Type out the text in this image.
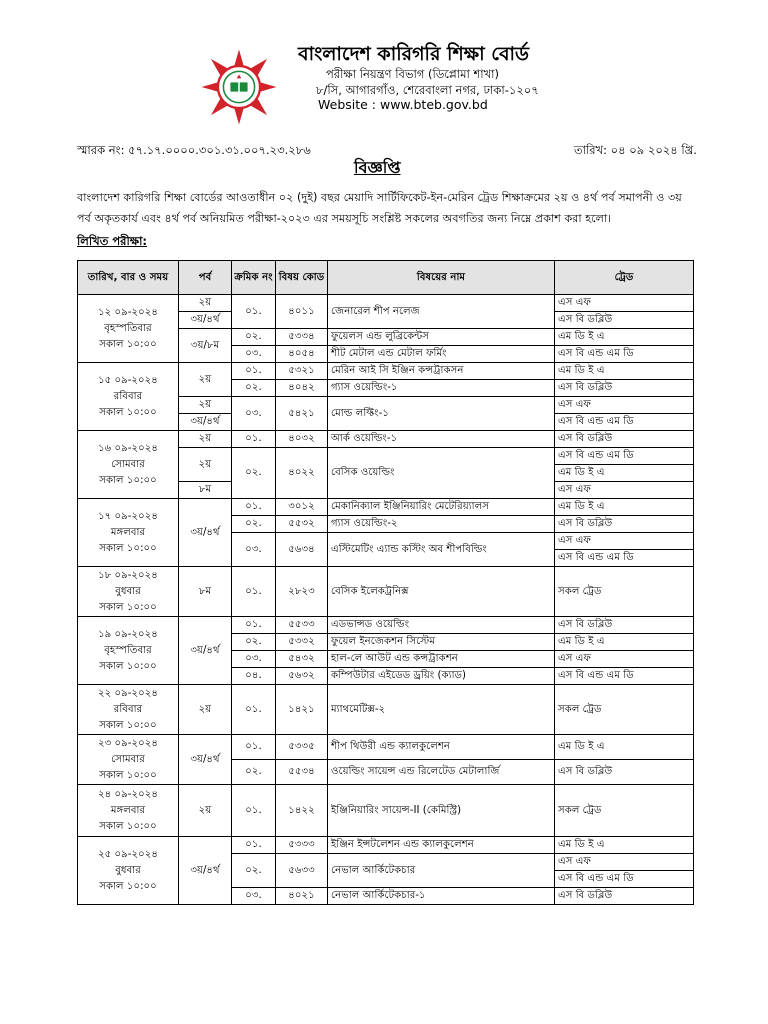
বাংলাদেশ কারিগরি শিক্ষা বোর্ড
পরীক্ষা নিয়ন্ত্রণ বিভাগ (ডিপ্লোমা শাখা)
৮/সি, আগারগাঁও, শেরেবাংলা নগর, ঢাকা-১২০৭
Website : www.bteb.gov.bd
স্মারক নং: ৫৭.১৭.০০০০.৩০১.৩১.০০৭.২৩.২৮৬	তারিখ: ০৪ ০৯ ২০২৪ খ্রি.
বিজ্ঞপ্তি
বাংলাদেশ কারিগরি শিক্ষা বোর্ডের আওতাধীন ০২ (দুই) বছর মেয়াদি সার্টিফিকেট-ইন-মেরিন ট্রেড শিক্ষাক্রমের ২য় ও ৪র্থ পর্ব সমাপনী ও ৩য় পর্ব অকৃতকার্য এবং ৪র্থ পর্ব অনিয়মিত পরীক্ষা-২০২৩ এর সময়সূচি সংশ্লিষ্ট সকলের অবগতির জন্য নিম্নে প্রকাশ করা হলো।
লিখিত পরীক্ষা:
তারিখ, বার ও সময়	পর্ব	ক্রমিক নং	বিষয় কোড	বিষয়ের নাম	ট্রেড
১২ ০৯-২০২৪
বৃহস্পতিবার
সকাল ১০:০০	২য়	০১.	৪০১১	জেনারেল শীপ নলেজ	এস এফ
	৩য়/৪র্থ				এস বি ডব্লিউ
	৩য়/৮ম	০২.	৫৩৩৪	ফুয়েলস এন্ড লুব্রিকেন্টস	এম ডি ই এ
		০৩.	৪০৫৪	শীট মেটাল এন্ড মেটাল ফর্মিং	এস বি এন্ড এম ডি
১৫ ০৯-২০২৪
রবিবার
সকাল ১০:০০	২য়	০১.	৫৩২১	মেরিন আই সি ইঞ্জিন কন্সট্রাকসন	এম ডি ই এ
		০২.	৪০৪২	গ্যাস ওয়েল্ডিং-১	এস বি ডব্লিউ
	২য়	০৩.	৫৪২১	মোল্ড লফ্টিং-১	এস এফ
	৩য়/৪র্থ				এস বি এন্ড এম ডি
১৬ ০৯-২০২৪
সোমবার
সকাল ১০:০০	২য়	০১.	৪০৩২	আর্ক ওয়েল্ডিং-১	এস বি ডব্লিউ
	২য়	০২.	৪০২২	বেসিক ওয়েল্ডিং	এস বি এন্ড এম ডি
					এম ডি ই এ
	৮ম				এস এফ
১৭ ০৯-২০২৪
মঙ্গলবার
সকাল ১০:০০	৩য়/৪র্থ	০১.	৩০১২	মেকানিক্যাল ইঞ্জিনিয়ারিং মেটেরিয়্যালস	এম ডি ই এ
		০২.	৫৫৩২	গ্যাস ওয়েল্ডিং-২	এস বি ডব্লিউ
		০৩.	৫৬৩৪	এস্টিমেটিং এ্যান্ড কস্টিং অব শীপবিল্ডিং	এস এফ
					এস বি এন্ড এম ডি
১৮ ০৯-২০২৪
বুধবার
সকাল ১০:০০	৮ম	০১.	২৮২৩	বেসিক ইলেকট্রনিক্স	সকল ট্রেড
১৯ ০৯-২০২৪
বৃহস্পতিবার
সকাল ১০:০০	৩য়/৪র্থ	০১.	৫৫৩৩	এডভান্সড ওয়েল্ডিং	এস বি ডব্লিউ
		০২.	৫৩৩২	ফুয়েল ইনজেকশন সিস্টেম	এম ডি ই এ
		০৩.	৫৪৩২	হাল-লে আউট এন্ড কন্সট্রাকশন	এস এফ
		০৪.	৫৬৩২	কম্পিউটার এইডেড ড্রয়িং (ক্যাড)	এস বি এন্ড এম ডি
২২ ০৯-২০২৪
রবিবার
সকাল ১০:০০	২য়	০১.	১৪২১	ম্যাথমেটিক্স-২	সকল ট্রেড
২৩ ০৯-২০২৪
সোমবার
সকাল ১০:০০	৩য়/৪র্থ	০১.	৫৩৩৫	শীপ থিউরী এন্ড ক্যালকুলেশন	এম ডি ই এ
		০২.	৫৫৩৪	ওয়েল্ডিং সায়েন্স এন্ড রিলেটেড মেটালার্জি	এস বি ডব্লিউ
২৪ ০৯-২০২৪
মঙ্গলবার
সকাল ১০:০০	২য়	০১.	১৪২২	ইঞ্জিনিয়ারিং সায়েন্স-II (কেমিস্ট্রি)	সকল ট্রেড
২৫ ০৯-২০২৪
বুধবার
সকাল ১০:০০	৩য়/৪র্থ	০১.	৫৩৩৩	ইঞ্জিন ইন্সটলেশন এন্ড ক্যালকুলেশন	এম ডি ই এ
		০২.	৫৬৩৩	নেভাল আর্কিটেকচার	এস এফ
					এস বি এন্ড এম ডি
		০৩.	৪০২১	নেভাল আর্কিটেকচার-১	এস বি ডব্লিউ
